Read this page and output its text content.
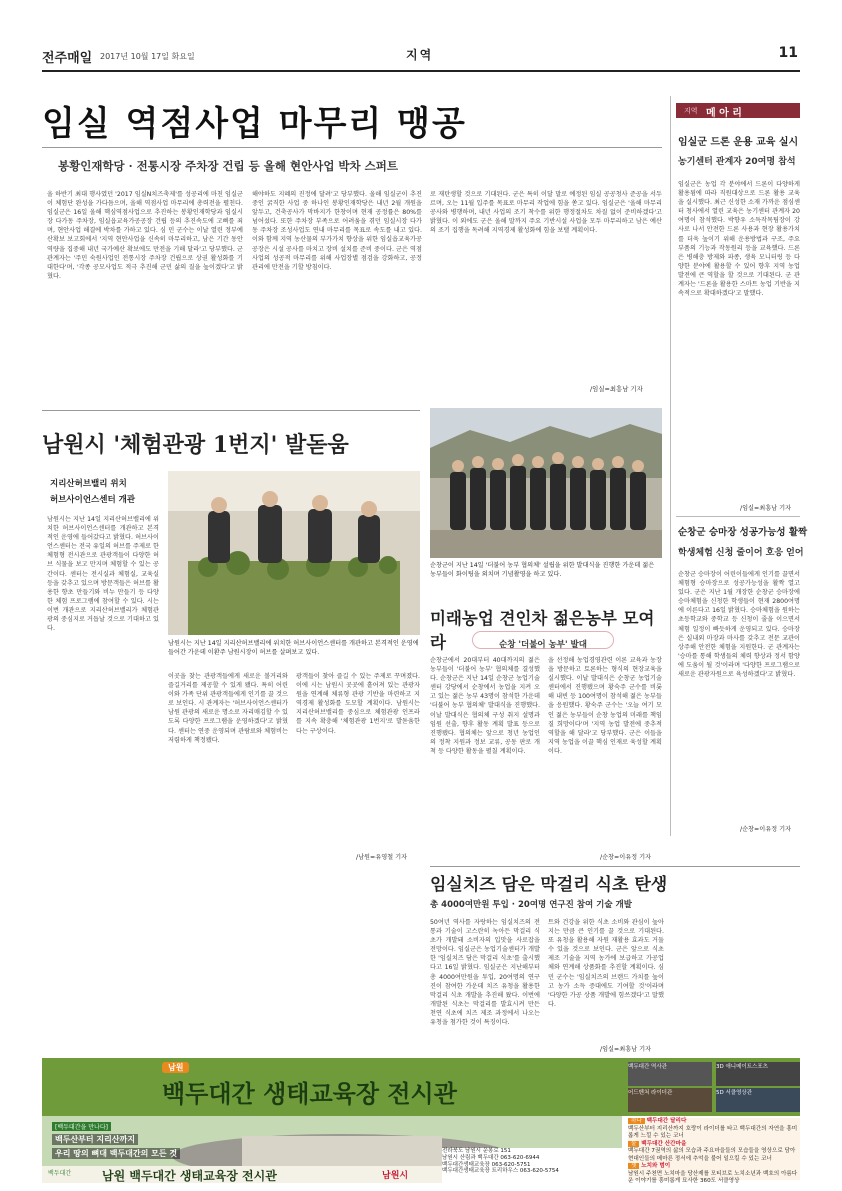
전주매일 2017년 10월 17일 화요일	지역	11
임실 역점사업 마무리 맹공
봉황인재학당 · 전통시장 주차장 건립 등 올해 현안사업 박차 스퍼트
올 하반기 최대 행사였던 '2017 임실N치즈축제'를 성공리에 마친 임실군이 체험단 완성을 가다듬으며, 올해 역점사업 마무리에 총력전을 펼친다. 임실군은 16일 올해 핵심역점사업으로 추진하는 봉황인재학당과 임실시장 다가동 주차장, 임실읍교육가공공장 건립 등의 추진속도에 고삐를 죄며, 현안사업 해결에 박차를 가하고 있다. 심 민 군수는 이날 열린 정부예산확보 보고회에서 '지역 현안사업을 신속히 마무리하고, 남은 기간 동안 역량을 집중해 내년 국가예산 확보에도 만전을 기해 달라'고 당부했다. 군 관계자는 '주민 숙원사업인 전통시장 주차장 건립으로 상권 활성화를 기대한다'며, '각종 공모사업도 적극 추진해 군민 삶의 질을 높이겠다'고 밝혔다.
해야하도 지혜의 진정에 달려'고 당부했다. 올해 임실군이 추진 중인 굵직한 사업 중 하나인 봉황인재학당은 내년 2월 개원을 앞두고, 건축공사가 막바지가 한창이며 현재 공정률은 80%를 넘어섰다. 또한 주차장 부족으로 어려움을 겪던 임실시장 다가동 주차장 조성사업도 연내 마무리를 목표로 속도를 내고 있다. 이와 함께 지역 농산물의 부가가치 향상을 위한 임실읍교육가공공장은 시설 공사를 마치고 장비 설치를 준비 중이다. 군은 역점사업의 성공적 마무리를 위해 사업장별 점검을 강화하고, 공정 관리에 만전을 기할 방침이다.
로 재탄생할 것으로 기대된다. 군은 특히 이달 말로 예정된 임실 공공청사 준공을 서두르며, 오는 11월 입주를 목표로 마무리 작업에 힘을 쏟고 있다. 임실군은 '올해 마무리 공사와 병행하며, 내년 사업의 조기 착수를 위한 행정절차도 차질 없이 준비하겠다'고 밝혔다. 이 외에도 군은 올해 말까지 주요 기반시설 사업을 모두 마무리하고 남은 예산의 조기 집행을 독려해 지역경제 활성화에 힘을 보탤 계획이다.
/임실=최흥남 기자
지역 메 아 리
임실군 드론 운용 교육 실시
농기센터 관계자 20여명 참석
임실군은 농업 각 분야에서 드론이 다양하게 활용됨에 따라 직원대상으로 드론 활용 교육을 실시했다. 최근 신성한 소재 가까운 점심센터 청사에서 열린 교육은 농기센터 관계자 20여명이 참석했다. 박향우 소득작목팀장이 강사로 나서 안전한 드론 사용과 현장 활용가치를 더욱 높이기 위해 운용방법과 구조, 주요 부품의 기능과 작동원리 등을 교육했다. 드론은 병해충 방제와 파종, 생육 모니터링 등 다양한 분야에 활용할 수 있어 향후 지역 농업 발전에 큰 역할을 할 것으로 기대된다. 군 관계자는 '드론을 활용한 스마트 농업 기반을 지속적으로 확대하겠다'고 말했다.
/임실=최흥남 기자
순창군 승마장 성공가능성 활짝
학생체험 신청 줄이어 호응 얻어
순창군 승마장이 어린이들에게 인기를 끌면서 체험형 승마장으로 성공가능성을 활짝 열고 있다. 군은 지난 1월 개장한 순창군 승마장에 승마체험을 신청한 학생들이 현재 2800여명에 이른다고 16일 밝혔다. 승마체험을 원하는 초등학교와 중학교 등 신청이 줄을 이으면서 체험 일정이 빠듯하게 운영되고 있다. 승마장은 실내외 마장과 마사를 갖추고 전문 교관이 상주해 안전한 체험을 지원한다. 군 관계자는 '승마를 통해 학생들의 체력 향상과 정서 함양에 도움이 될 것'이라며 '다양한 프로그램으로 새로운 관광자원으로 육성하겠다'고 밝혔다.
/순창=이유정 기자
순창군이 지난 14일 '더불어 농부 협의체' 설립을 위한 발대식을 진행한 가운데 젊은 농부들이 화이팅을 외치며 기념촬영을 하고 있다.
미래농업 견인차 젊은농부 모여라	순창 '더불어 농부' 발대
순창군에서 20대부터 40대까지의 젊은 농부들이 '더불어 농부' 협의체를 결성했다. 순창군은 지난 14일 순창군 농업기술센터 강당에서 순창에서 농업을 지켜 오고 있는 젊은 농부 43명이 참석한 가운데 '더불어 농부 협의체' 발대식을 진행했다. 이날 발대식은 협의체 구성 취지 설명과 임원 선출, 향후 활동 계획 발표 등으로 진행됐다. 협의체는 앞으로 청년 농업인의 정착 지원과 정보 교류, 공동 판로 개척 등 다양한 활동을 펼칠 계획이다.
을 선정해 농업경영관련 이론 교육과 농장을 방문하고 토론하는 형식의 현장교육을 실시했다. 이날 발대식은 순창군 농업기술센터에서 진행됐으며 황숙주 군수를 비롯해 내빈 등 100여명이 참석해 젊은 농부들을 응원했다. 황숙주 군수는 '오늘 여기 모인 젊은 농부들이 순창 농업의 미래를 책임질 희망이다'며 '지역 농업 발전에 중추적 역할을 해 달라'고 당부했다. 군은 이들을 지역 농업을 이끌 핵심 인재로 육성할 계획이다.
/순창=이유정 기자
남원시 '체험관광 1번지' 발돋움
지리산허브밸리 위치
허브사이언스센터 개관
남원시는 지난 14일 지리산허브밸리에 위치한 허브사이언스센터를 개관하고 본격적인 운영에 들어갔다고 밝혔다. 허브사이언스센터는 전국 유일의 허브를 주제로 한 체험형 전시관으로 관광객들이 다양한 허브 식물을 보고 만지며 체험할 수 있는 공간이다. 센터는 전시실과 체험실, 교육실 등을 갖추고 있으며 방문객들은 허브를 활용한 향초 만들기와 비누 만들기 등 다양한 체험 프로그램에 참여할 수 있다. 시는 이번 개관으로 지리산허브밸리가 체험관광의 중심지로 거듭날 것으로 기대하고 있다.
남원시는 지난 14일 지리산허브밸리에 위치한 허브사이언스센터를 개관하고 본격적인 운영에 들어간 가운데 이환주 남원시장이 허브를 살펴보고 있다.
이곳을 찾는 관광객들에게 새로운 볼거리와 즐길거리를 제공할 수 있게 됐다. 특히 어린이와 가족 단위 관광객들에게 인기를 끌 것으로 보인다. 시 관계자는 '허브사이언스센터가 남원 관광의 새로운 명소로 자리매김할 수 있도록 다양한 프로그램을 운영하겠다'고 밝혔다. 센터는 연중 운영되며 관람료와 체험비는 저렴하게 책정됐다.
광객들이 찾아 즐길 수 있는 주제로 꾸며졌다. 이에 시는 남원시 곳곳에 흩어져 있는 관광자원을 연계해 체류형 관광 기반을 마련하고 지역경제 활성화를 도모할 계획이다. 남원시는 지리산허브밸리를 중심으로 체험관광 인프라를 지속 확충해 '체험관광 1번지'로 발돋움한다는 구상이다.
/남원=유영철 기자
임실치즈 담은 막걸리 식초 탄생
총 4000여만원 투입 · 20여명 연구진 참여 기술 개발
50여년 역사를 자랑하는 임실치즈의 전통과 기술이 고스란히 녹아든 막걸리 식초가 개발돼 소비자의 입맛을 사로잡을 전망이다. 임실군은 농업기술센터가 개발한 '임실치즈 담은 막걸리 식초'를 출시했다고 16일 밝혔다. 임실군은 지난해부터 총 4000여만원을 투입, 20여명의 연구진이 참여한 가운데 치즈 유청을 활용한 막걸리 식초 개발을 추진해 왔다. 이번에 개발된 식초는 막걸리를 발효시켜 만든 천연 식초에 치즈 제조 과정에서 나오는 유청을 첨가한 것이 특징이다.
트와 건강을 위한 식초 소비와 관심이 높아지는 만큼 큰 인기를 끌 것으로 기대된다. 또 유청을 활용해 자원 재활용 효과도 거둘 수 있을 것으로 보인다. 군은 앞으로 식초 제조 기술을 지역 농가에 보급하고 가공업체와 연계해 상품화를 추진할 계획이다. 심 민 군수는 '임실치즈의 브랜드 가치를 높이고 농가 소득 증대에도 기여할 것'이라며 '다양한 가공 상품 개발에 힘쓰겠다'고 말했다.
/임실=최흥남 기자
남원
백두대간 생태교육장 전시관
백두대간 역사관	3D 애니메이트스포츠
어드벤쳐 라이더관	5D 서클영상관
하나 백두대간 달리다
백두산부터 지리산까지 호랑이 라이더를 타고 백두대간의 자연을 흥미롭게 느낄 수 있는 코너
둘 백두대간 산간마을
백두대간 7권역의 삶의 모습과 주요마을들의 모습들을 영상으로 담아 현대인들의 메마른 정서에 추억을 불어 일으킬 수 있는 코너
셋 노치와 범이
남원시 주천면 노치마을 당산제를 모티브로 노치소년과 백호의 아름다운 이야기를 흥미롭게 묘사한 360도 서클영상
[백두대간을 만나다]
백두산부터 지리산까지
우리 땅의 뼈대 백두대간의 모든 것	전라북도 남원시 운봉로 151
남원시 산림과 백두대간 063-620-6944
백두대간생태교육장 063-620-5751
백두대간생태교육장 트리하우스 063-620-5754
백두대간	남원 백두대간 생태교육장 전시관	남원시
